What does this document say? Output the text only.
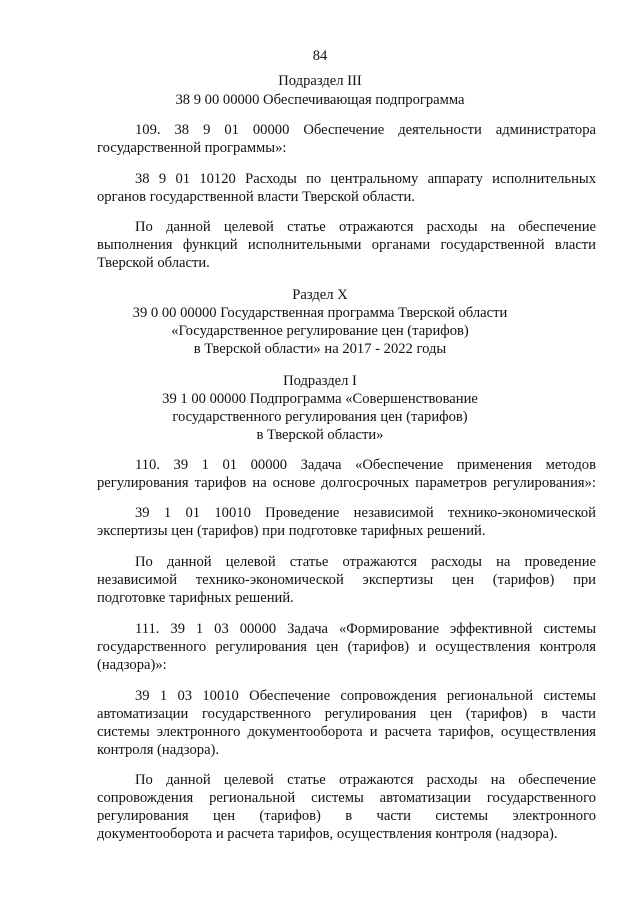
84
Подраздел III
38 9 00 00000 Обеспечивающая подпрограмма
109. 38 9 01 00000 Обеспечение деятельности администратора
государственной программы»:
38 9 01 10120 Расходы по центральному аппарату исполнительных
органов государственной власти Тверской области.
По данной целевой статье отражаются расходы на обеспечение
выполнения функций исполнительными органами государственной власти
Тверской области.
Раздел X
39 0 00 00000 Государственная программа Тверской области
«Государственное регулирование цен (тарифов)
в Тверской области» на 2017 - 2022 годы
Подраздел I
39 1 00 00000 Подпрограмма «Совершенствование
государственного регулирования цен (тарифов)
в Тверской области»
110. 39 1 01 00000 Задача «Обеспечение применения методов
регулирования тарифов на основе долгосрочных параметров регулирования»:
39 1 01 10010 Проведение независимой технико-экономической
экспертизы цен (тарифов) при подготовке тарифных решений.
По данной целевой статье отражаются расходы на проведение
независимой технико-экономической экспертизы цен (тарифов) при
подготовке тарифных решений.
111. 39 1 03 00000 Задача «Формирование эффективной системы
государственного регулирования цен (тарифов) и осуществления контроля
(надзора)»:
39 1 03 10010 Обеспечение сопровождения региональной системы
автоматизации государственного регулирования цен (тарифов) в части
системы электронного документооборота и расчета тарифов, осуществления
контроля (надзора).
По данной целевой статье отражаются расходы на обеспечение
сопровождения региональной системы автоматизации государственного
регулирования цен (тарифов) в части системы электронного
документооборота и расчета тарифов, осуществления контроля (надзора).
